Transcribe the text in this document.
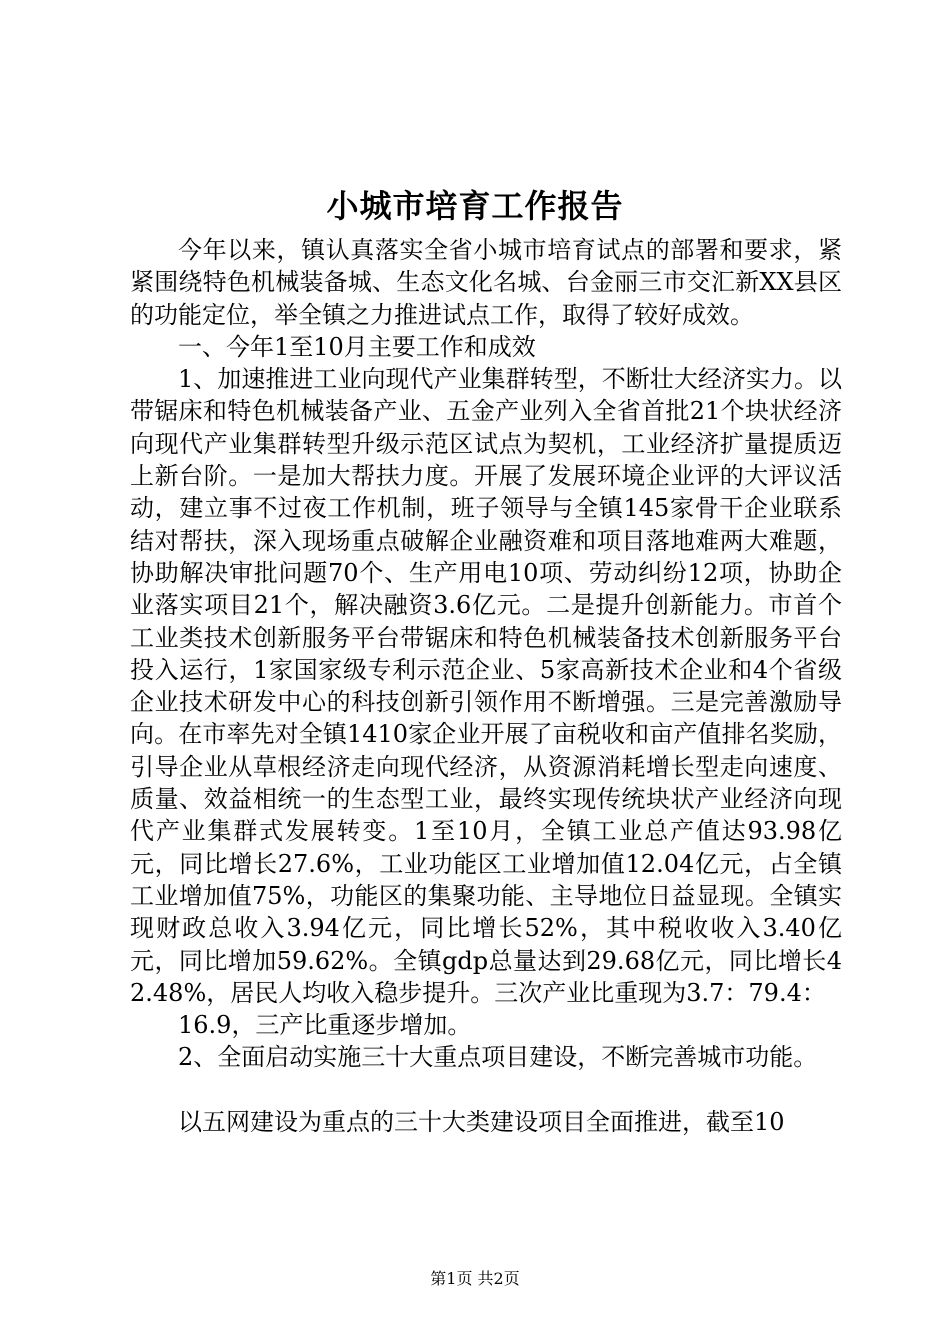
小城市培育工作报告

今年以来，镇认真落实全省小城市培育试点的部署和要求，紧紧围绕特色机械装备城、生态文化名城、台金丽三市交汇新XX县区的功能定位，举全镇之力推进试点工作，取得了较好成效。

一、今年1至10月主要工作和成效

1、加速推进工业向现代产业集群转型，不断壮大经济实力。以带锯床和特色机械装备产业、五金产业列入全省首批21个块状经济向现代产业集群转型升级示范区试点为契机，工业经济扩量提质迈上新台阶。一是加大帮扶力度。开展了发展环境企业评的大评议活动，建立事不过夜工作机制，班子领导与全镇145家骨干企业联系结对帮扶，深入现场重点破解企业融资难和项目落地难两大难题，协助解决审批问题70个、生产用电10项、劳动纠纷12项，协助企业落实项目21个，解决融资3.6亿元。二是提升创新能力。市首个工业类技术创新服务平台带锯床和特色机械装备技术创新服务平台投入运行，1家国家级专利示范企业、5家高新技术企业和4个省级企业技术研发中心的科技创新引领作用不断增强。三是完善激励导向。在市率先对全镇1410家企业开展了亩税收和亩产值排名奖励，引导企业从草根经济走向现代经济，从资源消耗增长型走向速度、质量、效益相统一的生态型工业，最终实现传统块状产业经济向现代产业集群式发展转变。1至10月，全镇工业总产值达93.98亿元，同比增长27.6%，工业功能区工业增加值12.04亿元，占全镇工业增加值75%，功能区的集聚功能、主导地位日益显现。全镇实现财政总收入3.94亿元，同比增长52%，其中税收收入3.40亿元，同比增加59.62%。全镇gdp总量达到29.68亿元，同比增长42.48%，居民人均收入稳步提升。三次产业比重现为3.7：79.4：

16.9，三产比重逐步增加。

2、全面启动实施三十大重点项目建设，不断完善城市功能。

以五网建设为重点的三十大类建设项目全面推进，截至10

第1页 共2页
